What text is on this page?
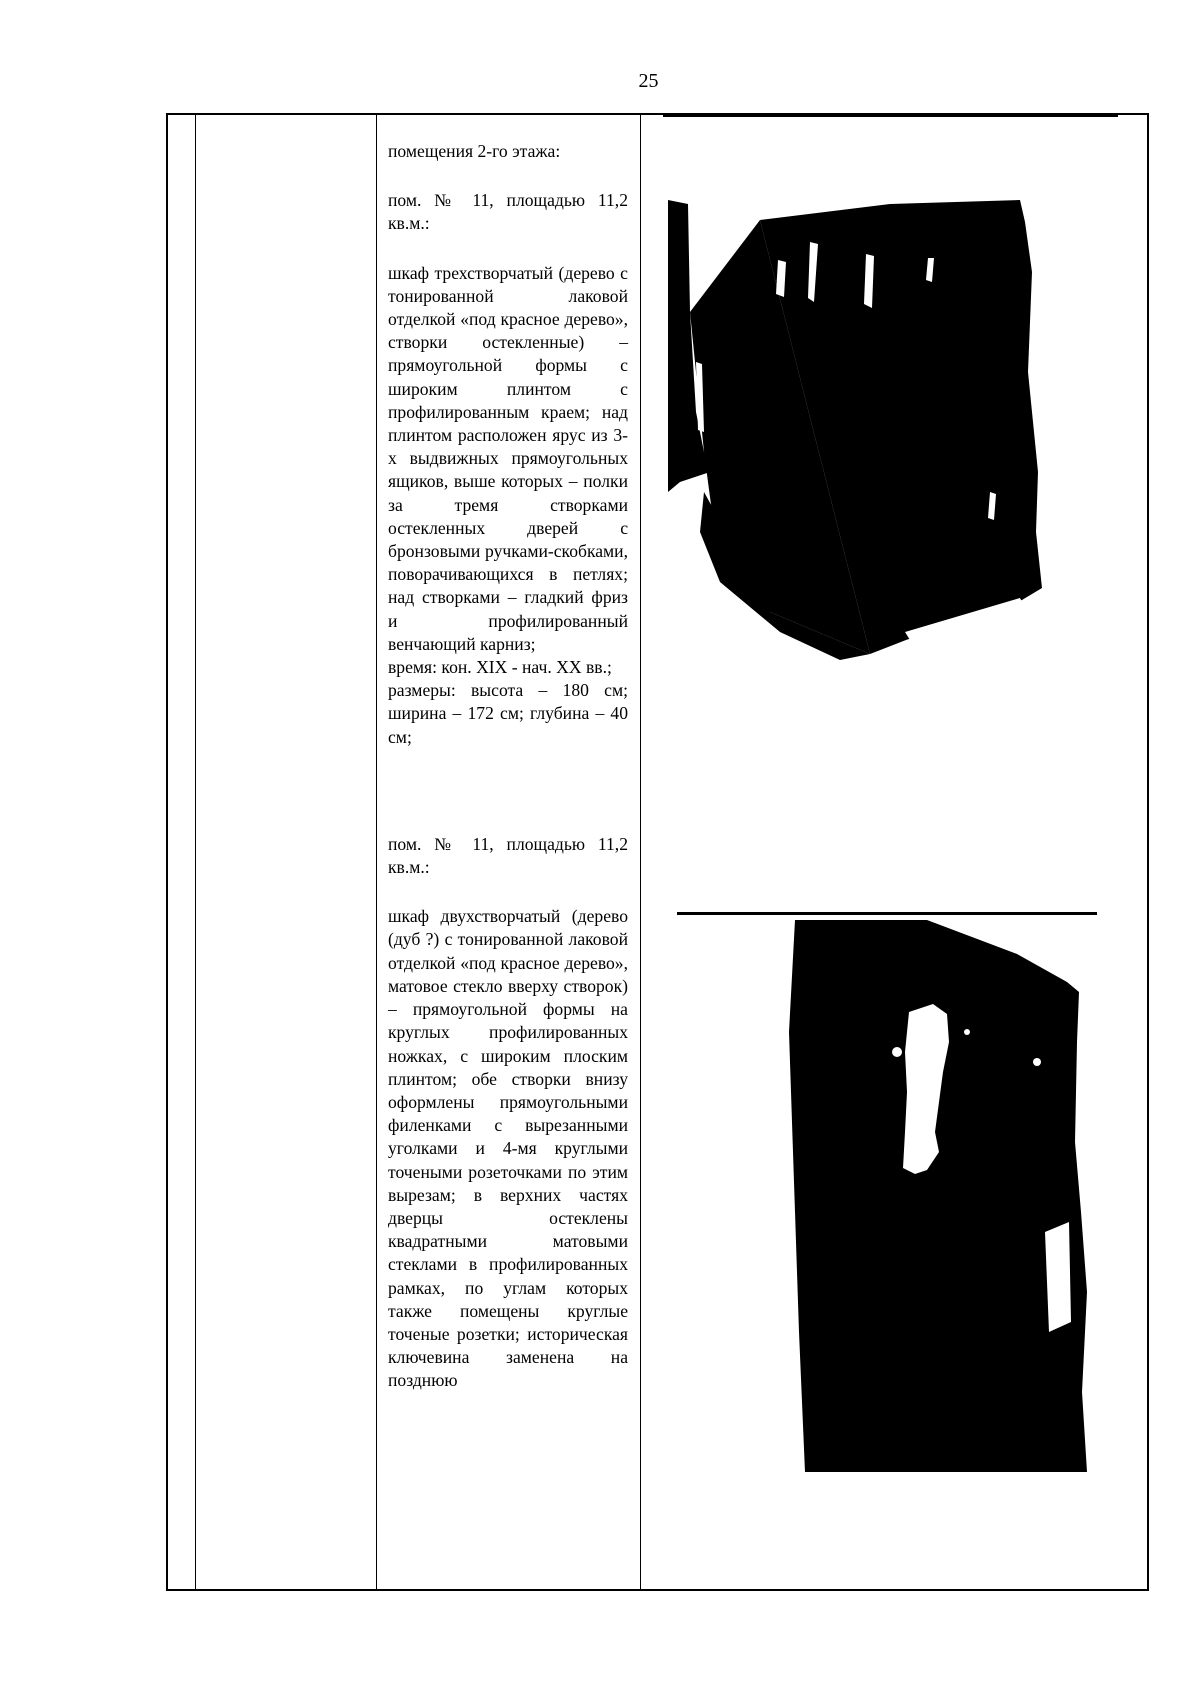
25

помещения 2-го этажа:

пом. № 11, площадью 11,2 кв.м.:

шкаф трехстворчатый (дерево с тонированной лаковой отделкой «под красное дерево», створки остекленные) – прямоугольной формы с широким плинтом с профилированным краем; над плинтом расположен ярус из 3-х выдвижных прямоугольных ящиков, выше которых – полки за тремя створками остекленных дверей с бронзовыми ручками-скобками, поворачивающихся в петлях; над створками – гладкий фриз и профилированный венчающий карниз;

время: кон. XIX - нач. XX вв.;

размеры: высота – 180 см; ширина – 172 см; глубина – 40 см;

пом. № 11, площадью 11,2 кв.м.:

шкаф двухстворчатый (дерево (дуб ?) с тонированной лаковой отделкой «под красное дерево», матовое стекло вверху створок) – прямоугольной формы на круглых профилированных ножках, с широким плоским плинтом; обе створки внизу оформлены прямоугольными филенками с вырезанными уголками и 4-мя круглыми точеными розеточками по этим вырезам; в верхних частях дверцы остеклены квадратными матовыми стеклами в профилированных рамках, по углам которых также помещены круглые точеные розетки; историческая ключевина заменена на позднюю
